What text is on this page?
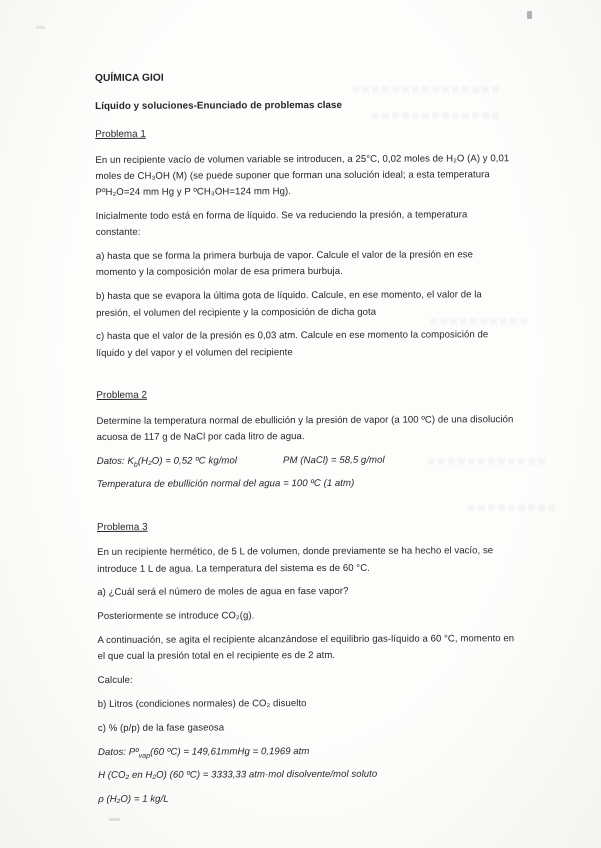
QUÍMICA GIOI
Líquido y soluciones-Enunciado de problemas clase
Problema 1

En un recipiente vacío de volumen variable se introducen, a 25°C, 0,02 moles de H₂O (A) y 0,01 moles de CH₃OH (M) (se puede suponer que forman una solución ideal; a esta temperatura PºH₂O=24 mm Hg y P ºCH₃OH=124 mm Hg).

Inicialmente todo está en forma de líquido. Se va reduciendo la presión, a temperatura constante:

a) hasta que se forma la primera burbuja de vapor. Calcule el valor de la presión en ese momento y la composición molar de esa primera burbuja.

b) hasta que se evapora la última gota de líquido. Calcule, en ese momento, el valor de la presión, el volumen del recipiente y la composición de dicha gota

c) hasta que el valor de la presión es 0,03 atm. Calcule en ese momento la composición de líquido y del vapor y el volumen del recipiente

Problema 2

Determine la temperatura normal de ebullición y la presión de vapor (a 100 ºC) de una disolución acuosa de 117 g de NaCl por cada litro de agua.

Datos: $K_b(H_2O) = 0,52$ ºC kg/mol	PM (NaCl) = 58,5 g/mol

Temperatura de ebullición normal del agua = 100 ºC (1 atm)

Problema 3

En un recipiente hermético, de 5 L de volumen, donde previamente se ha hecho el vacío, se introduce 1 L de agua. La temperatura del sistema es de 60 °C.

a) ¿Cuál será el número de moles de agua en fase vapor?

Posteriormente se introduce CO₂(g).

A continuación, se agita el recipiente alcanzándose el equilibrio gas-líquido a 60 °C, momento en el que cual la presión total en el recipiente es de 2 atm.

Calcule:

b) Litros (condiciones normales) de CO₂ disuelto

c) % (p/p) de la fase gaseosa

Datos: Pº$_{vap}$(60 ºC) = 149,61mmHg = 0,1969 atm

H (CO₂ en H₂O) (60 ºC) = 3333,33 atm·mol disolvente/mol soluto

ρ (H₂O) = 1 kg/L
